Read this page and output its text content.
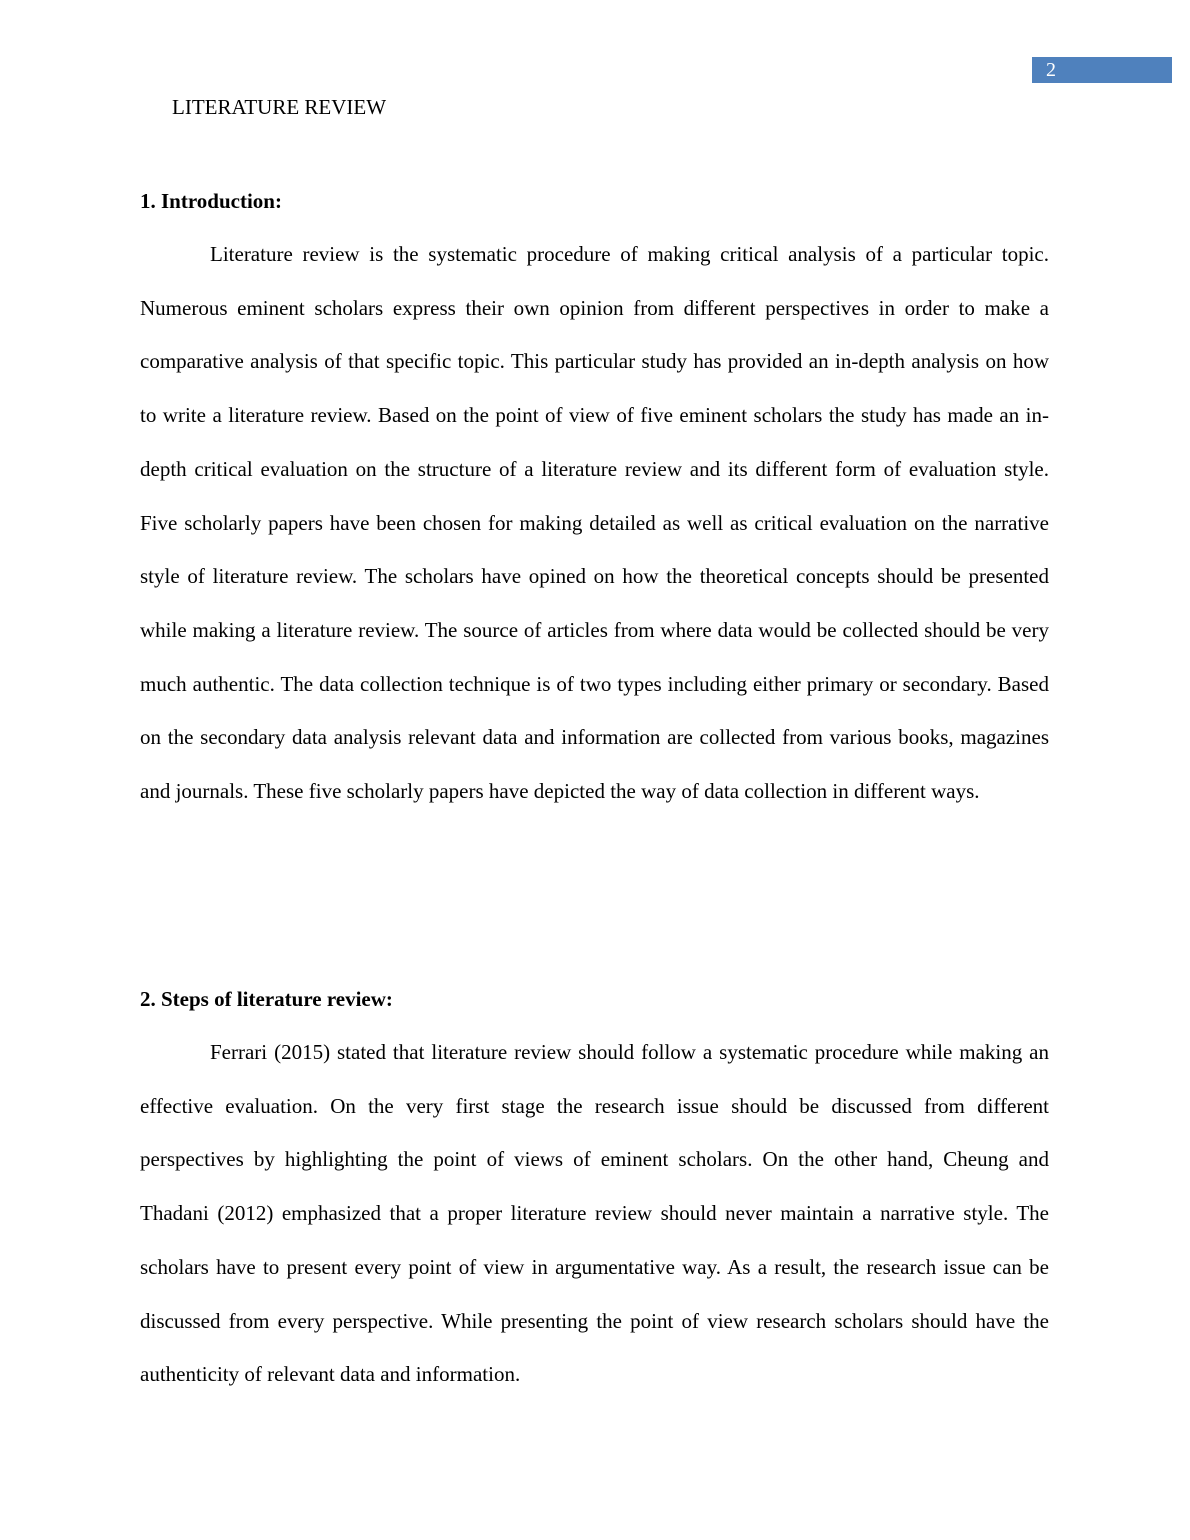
2
LITERATURE REVIEW
1. Introduction:

Literature review is the systematic procedure of making critical analysis of a particular topic. Numerous eminent scholars express their own opinion from different perspectives in order to make a comparative analysis of that specific topic. This particular study has provided an in-depth analysis on how to write a literature review. Based on the point of view of five eminent scholars the study has made an in-depth critical evaluation on the structure of a literature review and its different form of evaluation style. Five scholarly papers have been chosen for making detailed as well as critical evaluation on the narrative style of literature review. The scholars have opined on how the theoretical concepts should be presented while making a literature review. The source of articles from where data would be collected should be very much authentic. The data collection technique is of two types including either primary or secondary. Based on the secondary data analysis relevant data and information are collected from various books, magazines and journals. These five scholarly papers have depicted the way of data collection in different ways.

2. Steps of literature review:

Ferrari (2015) stated that literature review should follow a systematic procedure while making an effective evaluation. On the very first stage the research issue should be discussed from different perspectives by highlighting the point of views of eminent scholars. On the other hand, Cheung and Thadani (2012) emphasized that a proper literature review should never maintain a narrative style. The scholars have to present every point of view in argumentative way. As a result, the research issue can be discussed from every perspective. While presenting the point of view research scholars should have the authenticity of relevant data and information.
